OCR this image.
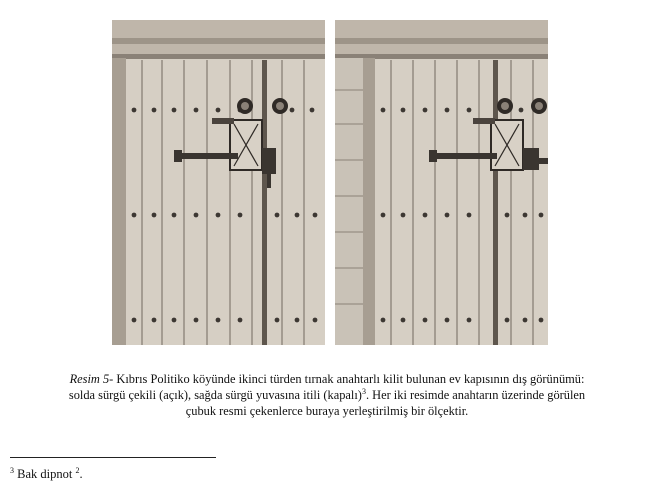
Resim 5- Kıbrıs Politiko köyünde ikinci türden tırnak anahtarlı kilit bulunan ev kapısının dış görünümü: solda sürgü çekili (açık), sağda sürgü yuvasına itili (kapalı)$^3$. Her iki resimde anahtarın üzerinde görülen çubuk resmi çekenlerce buraya yerleştirilmiş bir ölçektir.
$^3$ Bak dipnot $^2$.
